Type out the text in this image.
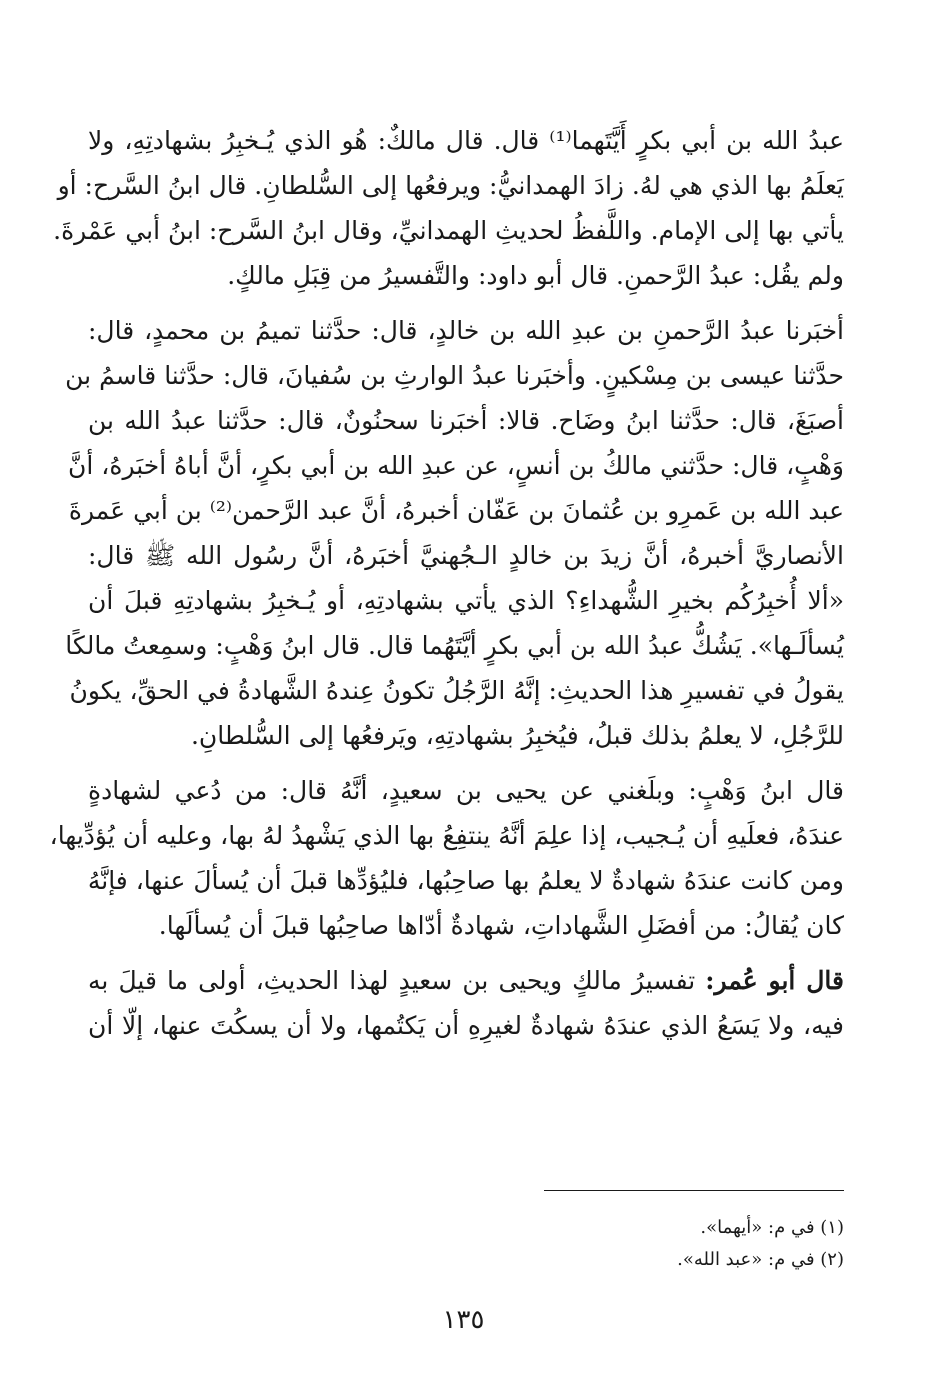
عبدُ الله بن أبي بكرٍ أَيَّتَهما⁽¹⁾ قال. قال مالكٌ: هُو الذي يُـخبِرُ بشهادتِهِ، ولا
يَعلَمُ بها الذي هي لهُ. زادَ الهمدانيُّ: ويرفعُها إلى السُّلطانِ. قال ابنُ السَّرح: أو
يأتي بها إلى الإمام. واللَّفظُ لحديثِ الهمدانيِّ، وقال ابنُ السَّرح: ابنُ أبي عَمْرةَ.
ولم يقُل: عبدُ الرَّحمنِ. قال أبو داود: والتَّفسيرُ من قِبَلِ مالكٍ.
أخبَرنا عبدُ الرَّحمنِ بن عبدِ الله بن خالدٍ، قال: حدَّثنا تميمُ بن محمدٍ، قال:
حدَّثنا عيسى بن مِسْكينٍ. وأخبَرنا عبدُ الوارثِ بن سُفيانَ، قال: حدَّثنا قاسمُ بن
أصبَغَ، قال: حدَّثنا ابنُ وضَاح. قالا: أخبَرنا سحنُونٌ، قال: حدَّثنا عبدُ الله بن
وَهْبٍ، قال: حدَّثني مالكُ بن أنسٍ، عن عبدِ الله بن أبي بكرٍ، أنَّ أباهُ أخبَرهُ، أنَّ
عبد الله بن عَمرِو بن عُثمانَ بن عَفّان أخبرهُ، أنَّ عبد الرَّحمن⁽²⁾ بن أبي عَمرةَ
الأنصاريَّ أخبرهُ، أنَّ زيدَ بن خالدٍ الـجُهنيَّ أخبَرهُ، أنَّ رسُول الله ﷺ قال:
«ألا أُخبِرُكُم بخيرِ الشُّهداءِ؟ الذي يأتي بشهادتِهِ، أو يُـخبِرُ بشهادتِهِ قبلَ أن
يُسألَـها». يَشُكُّ عبدُ الله بن أبي بكرٍ أيَّتَهُما قال. قال ابنُ وَهْبٍ: وسمِعتُ مالكًا
يقولُ في تفسيرِ هذا الحديثِ: إنَّهُ الرَّجُلُ تكونُ عِندهُ الشَّهادةُ في الحقِّ، يكونُ
للرَّجُلِ، لا يعلمُ بذلك قبلُ، فيُخبِرُ بشهادتِهِ، ويَرفعُها إلى السُّلطانِ.
قال ابنُ وَهْبٍ: وبلَغني عن يحيى بن سعيدٍ، أنَّهُ قال: من دُعي لشهادةٍ
عندَهُ، فعلَيهِ أن يُـجيب، إذا علِمَ أنَّهُ ينتفِعُ بها الذي يَشْهدُ لهُ بها، وعليه أن يُؤدِّيها،
ومن كانت عندَهُ شهادةٌ لا يعلمُ بها صاحِبُها، فليُؤدِّها قبلَ أن يُسألَ عنها، فإنَّهُ
كان يُقالُ: من أفضَلِ الشَّهاداتِ، شهادةٌ أدّاها صاحِبُها قبلَ أن يُسألَها.
قال أبو عُمر: تفسيرُ مالكٍ ويحيى بن سعيدٍ لهذا الحديثِ، أولى ما قيلَ به
فيه، ولا يَسَعُ الذي عندَهُ شهادةٌ لغيرِهِ أن يَكتُمها، ولا أن يسكُتَ عنها، إلّا أن
(١) في م: «أيهما».
(٢) في م: «عبد الله».
١٣٥
